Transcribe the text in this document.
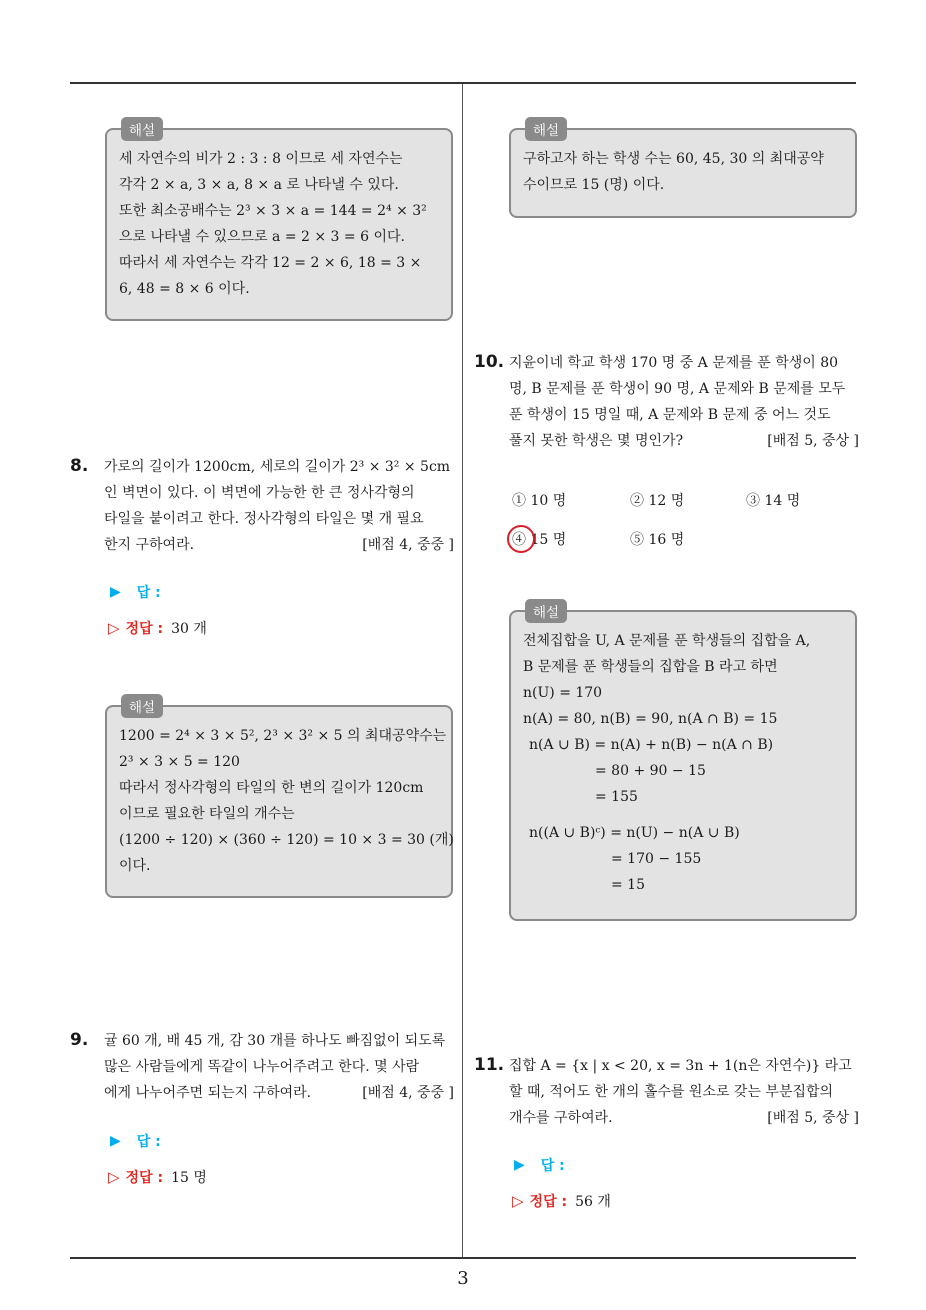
3
해설
세 자연수의 비가 2 : 3 : 8 이므로 세 자연수는
각각 2 × a, 3 × a, 8 × a 로 나타낼 수 있다.
또한 최소공배수는 2³ × 3 × a = 144 = 2⁴ × 3²
으로 나타낼 수 있으므로 a = 2 × 3 = 6 이다.
따라서 세 자연수는 각각 12 = 2 × 6, 18 = 3 ×
6, 48 = 8 × 6 이다.
8. 가로의 길이가 1200cm, 세로의 길이가 2³ × 3² × 5cm
인 벽면이 있다. 이 벽면에 가능한 한 큰 정사각형의
타일을 붙이려고 한다. 정사각형의 타일은 몇 개 필요
한지 구하여라.	[배점 4, 중중 ]
▶ 답 :
▷ 정답 : 30 개
해설
1200 = 2⁴ × 3 × 5², 2³ × 3² × 5 의 최대공약수는
2³ × 3 × 5 = 120
따라서 정사각형의 타일의 한 변의 길이가 120cm
이므로 필요한 타일의 개수는
(1200 ÷ 120) × (360 ÷ 120) = 10 × 3 = 30 (개)
이다.
9. 귤 60 개, 배 45 개, 감 30 개를 하나도 빠짐없이 되도록
많은 사람들에게 똑같이 나누어주려고 한다. 몇 사람
에게 나누어주면 되는지 구하여라.	[배점 4, 중중 ]
▶ 답 :
▷ 정답 : 15 명
해설
구하고자 하는 학생 수는 60, 45, 30 의 최대공약
수이므로 15 (명) 이다.
10. 지윤이네 학교 학생 170 명 중 A 문제를 푼 학생이 80
명, B 문제를 푼 학생이 90 명, A 문제와 B 문제를 모두
푼 학생이 15 명일 때, A 문제와 B 문제 중 어느 것도
풀지 못한 학생은 몇 명인가?	[배점 5, 중상 ]
① 10 명	② 12 명	③ 14 명
④ 15 명	⑤ 16 명
해설
전체집합을 U, A 문제를 푼 학생들의 집합을 A,
B 문제를 푼 학생들의 집합을 B 라고 하면
n(U) = 170
n(A) = 80, n(B) = 90, n(A ∩ B) = 15
n(A ∪ B) = n(A) + n(B) − n(A ∩ B)
= 80 + 90 − 15
= 155
n((A ∪ B)ᶜ) = n(U) − n(A ∪ B)
= 170 − 155
= 15
11. 집합 A = {x | x < 20, x = 3n + 1(n은 자연수)} 라고
할 때, 적어도 한 개의 홀수를 원소로 갖는 부분집합의
개수를 구하여라.	[배점 5, 중상 ]
▶ 답 :
▷ 정답 : 56 개
